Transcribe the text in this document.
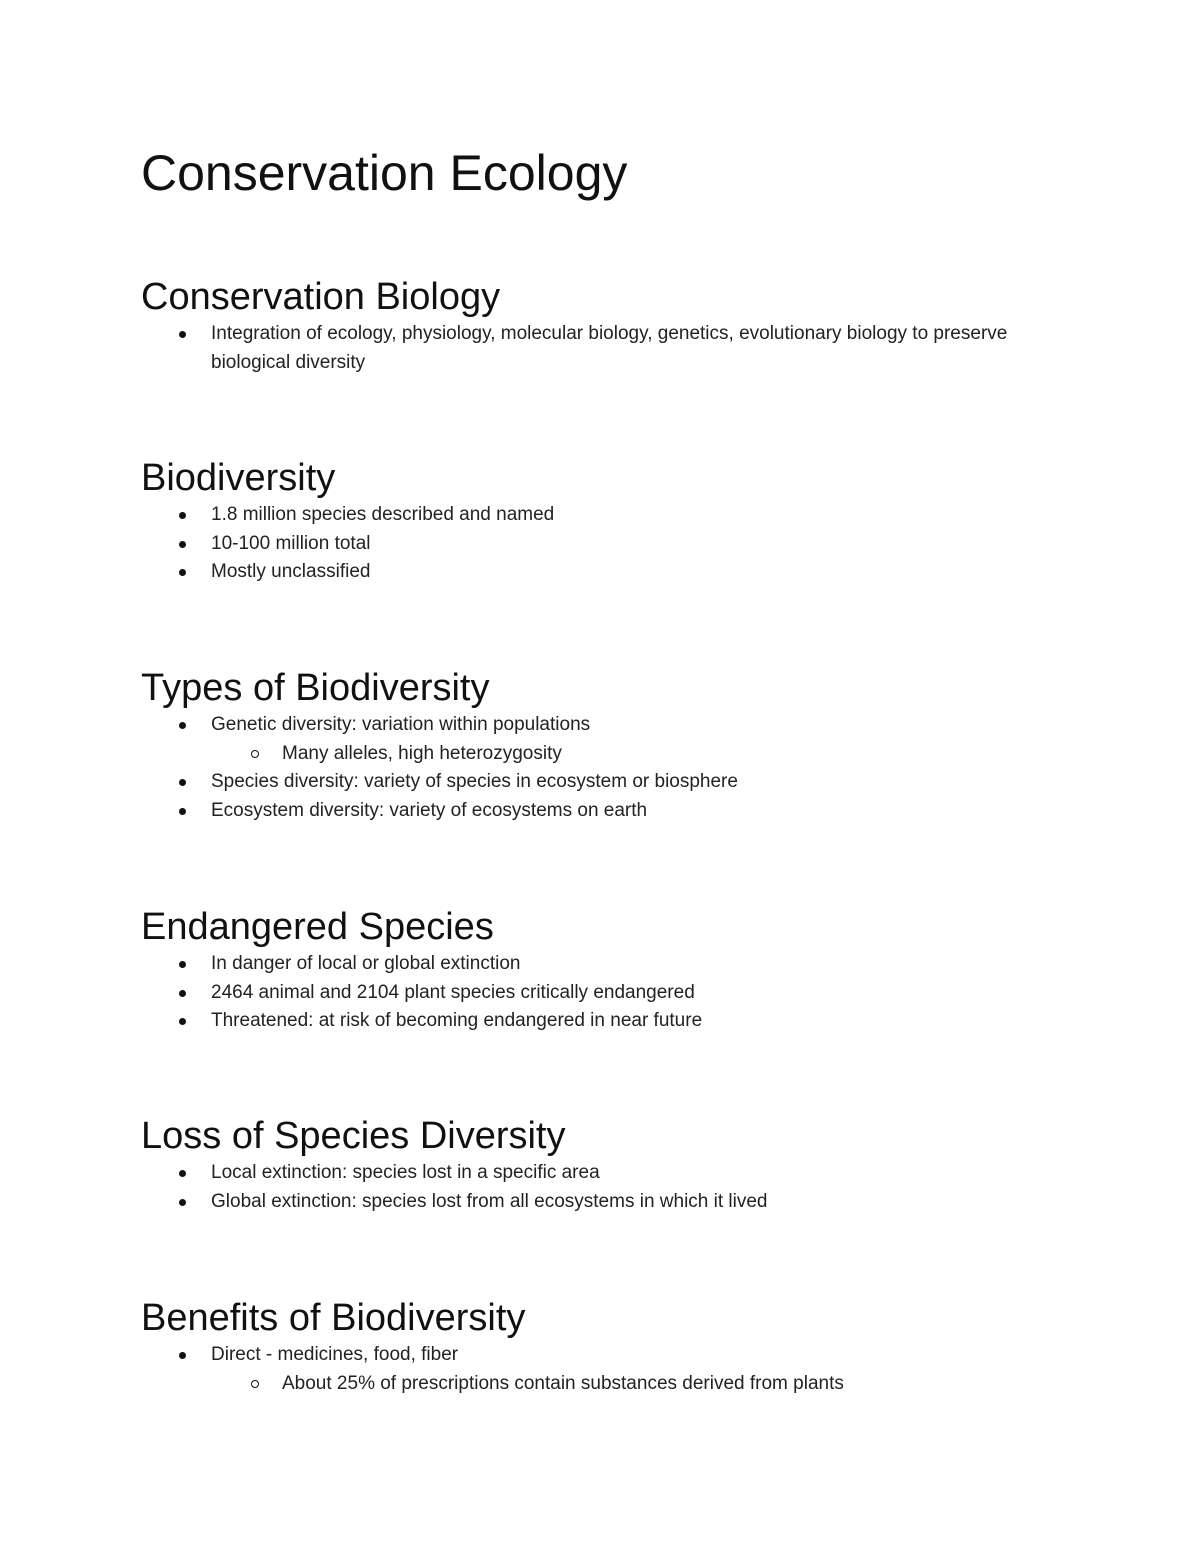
Conservation Ecology
Conservation Biology
Integration of ecology, physiology, molecular biology, genetics, evolutionary biology to preserve biological diversity
Biodiversity
1.8 million species described and named
10-100 million total
Mostly unclassified
Types of Biodiversity
Genetic diversity: variation within populations
Many alleles, high heterozygosity
Species diversity: variety of species in ecosystem or biosphere
Ecosystem diversity: variety of ecosystems on earth
Endangered Species
In danger of local or global extinction
2464 animal and 2104 plant species critically endangered
Threatened: at risk of becoming endangered in near future
Loss of Species Diversity
Local extinction: species lost in a specific area
Global extinction: species lost from all ecosystems in which it lived
Benefits of Biodiversity
Direct - medicines, food, fiber
About 25% of prescriptions contain substances derived from plants
